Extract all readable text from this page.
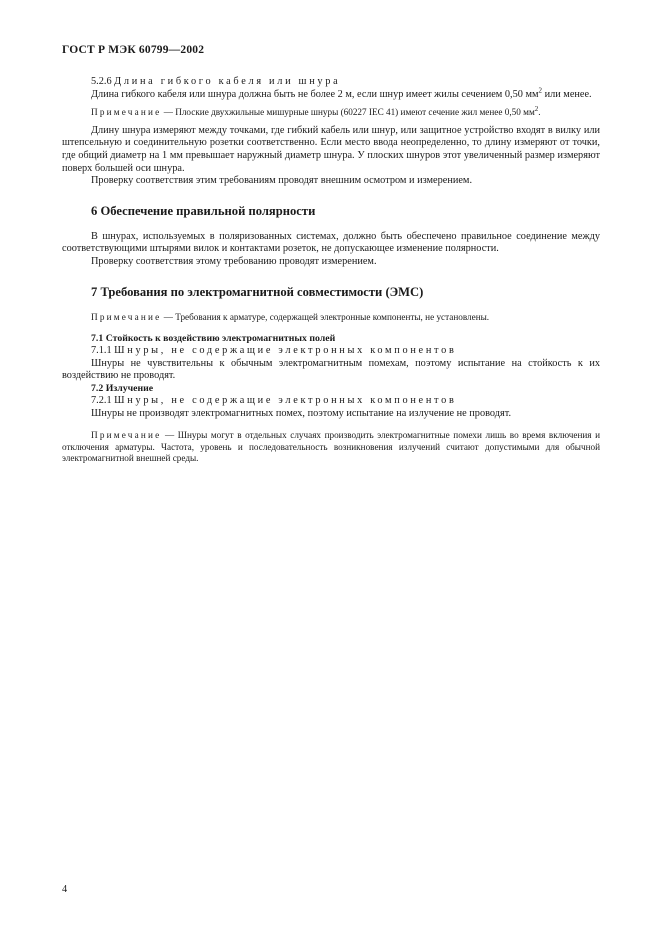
ГОСТ Р МЭК 60799—2002

5.2.6 Длина гибкого кабеля или шнура

Длина гибкого кабеля или шнура должна быть не более 2 м, если шнур имеет жилы сечением 0,50 $мм^2$ или менее.

Примечание — Плоские двухжильные мишурные шнуры (60227 IEC 41) имеют сечение жил менее 0,50 $мм^2$.

Длину шнура измеряют между точками, где гибкий кабель или шнур, или защитное устройство входят в вилку или штепсельную и соединительную розетки соответственно. Если место ввода неопределенно, то длину измеряют от точки, где общий диаметр на 1 мм превышает наружный диаметр шнура. У плоских шнуров этот увеличенный размер измеряют поверх большей оси шнура.

Проверку соответствия этим требованиям проводят внешним осмотром и измерением.

6 Обеспечение правильной полярности

В шнурах, используемых в поляризованных системах, должно быть обеспечено правильное соединение между соответствующими штырями вилок и контактами розеток, не допускающее изменение полярности.

Проверку соответствия этому требованию проводят измерением.

7 Требования по электромагнитной совместимости (ЭМС)

Примечание — Требования к арматуре, содержащей электронные компоненты, не установлены.

7.1 Стойкость к воздействию электромагнитных полей

7.1.1 Шнуры, не содержащие электронных компонентов

Шнуры не чувствительны к обычным электромагнитным помехам, поэтому испытание на стойкость к их воздействию не проводят.

7.2 Излучение

7.2.1 Шнуры, не содержащие электронных компонентов

Шнуры не производят электромагнитных помех, поэтому испытание на излучение не проводят.

Примечание — Шнуры могут в отдельных случаях производить электромагнитные помехи лишь во время включения и отключения арматуры. Частота, уровень и последовательность возникновения излучений считают допустимыми для обычной электромагнитной внешней среды.

4
